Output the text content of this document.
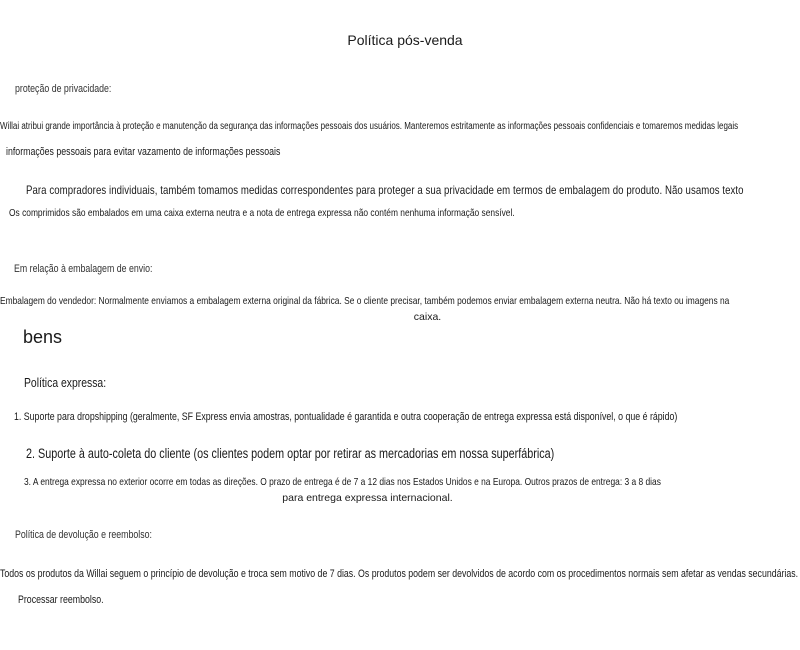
Política pós-venda
proteção de privacidade:
Willai atribui grande importância à proteção e manutenção da segurança das informações pessoais dos usuários. Manteremos estritamente as informações pessoais confidenciais e tomaremos medidas legais
informações pessoais para evitar vazamento de informações pessoais
Para compradores individuais, também tomamos medidas correspondentes para proteger a sua privacidade em termos de embalagem do produto. Não usamos texto
Os comprimidos são embalados em uma caixa externa neutra e a nota de entrega expressa não contém nenhuma informação sensível.
Em relação à embalagem de envio:
Embalagem do vendedor: Normalmente enviamos a embalagem externa original da fábrica. Se o cliente precisar, também podemos enviar embalagem externa neutra. Não há texto ou imagens na
caixa.
bens
Política expressa:
1. Suporte para dropshipping (geralmente, SF Express envia amostras, pontualidade é garantida e outra cooperação de entrega expressa está disponível, o que é rápido)
2. Suporte à auto-coleta do cliente (os clientes podem optar por retirar as mercadorias em nossa superfábrica)
3. A entrega expressa no exterior ocorre em todas as direções. O prazo de entrega é de 7 a 12 dias nos Estados Unidos e na Europa. Outros prazos de entrega: 3 a 8 dias
para entrega expressa internacional.
Política de devolução e reembolso:
Todos os produtos da Willai seguem o princípio de devolução e troca sem motivo de 7 dias. Os produtos podem ser devolvidos de acordo com os procedimentos normais sem afetar as vendas secundárias.
Processar reembolso.
